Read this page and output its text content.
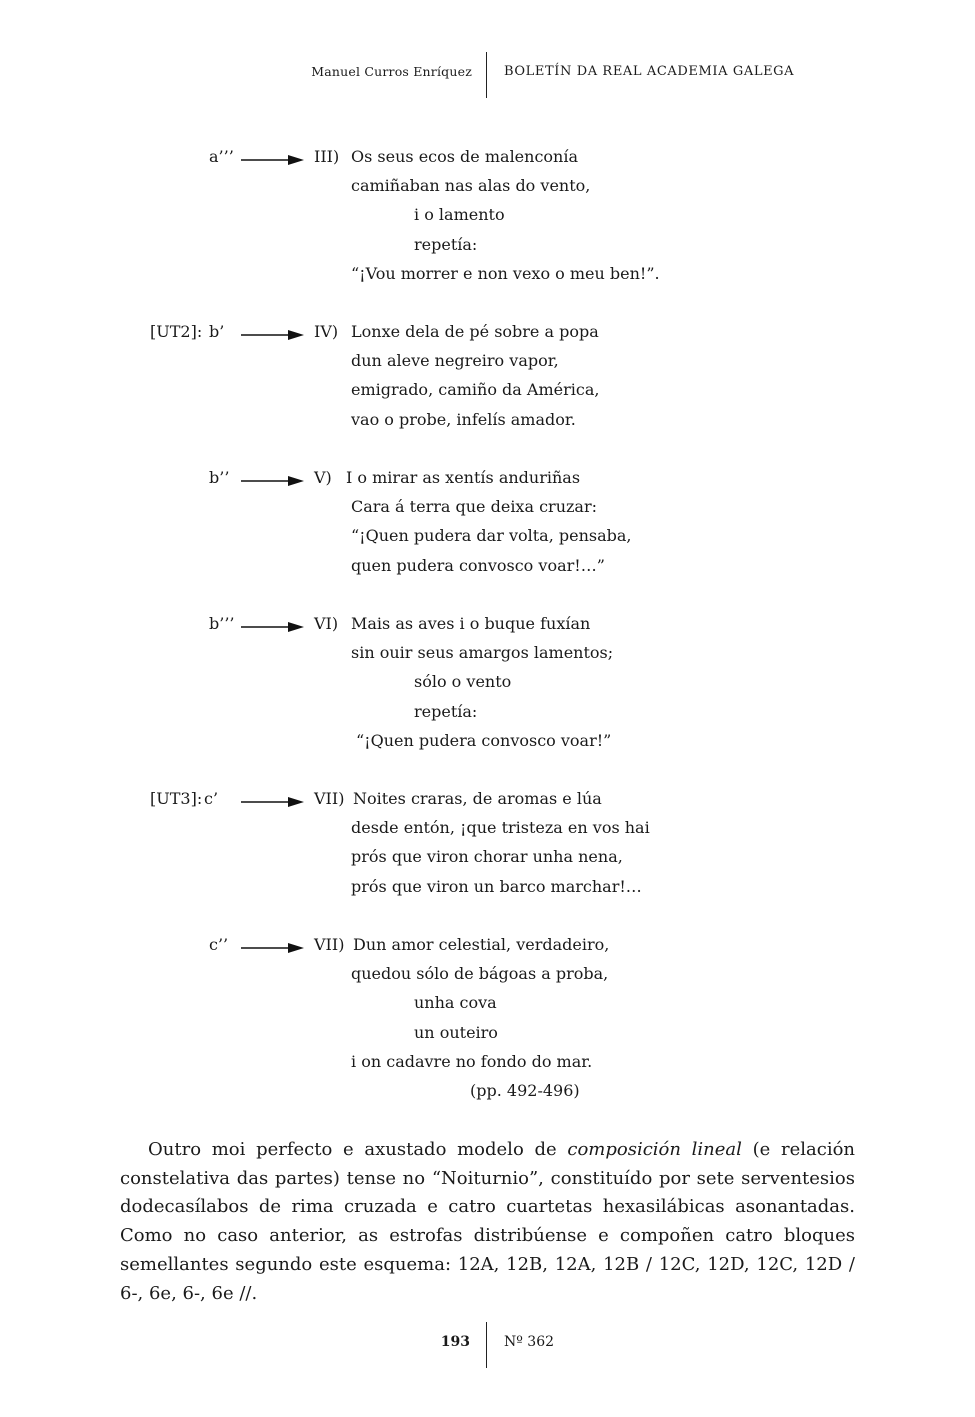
Manuel Curros Enríquez BOLETÍN DA REAL ACADEMIA GALEGA
a’’’	III) Os seus ecos de malenconía
camiñaban nas alas do vento,
i o lamento
repetía:
“¡Vou morrer e non vexo o meu ben!”.
[UT2]: b’	IV) Lonxe dela de pé sobre a popa
dun aleve negreiro vapor,
emigrado, camiño da América,
vao o probe, infelís amador.
b’’	V) I o mirar as xentís anduriñas
Cara á terra que deixa cruzar:
“¡Quen pudera dar volta, pensaba,
quen pudera convosco voar!…”
b’’’	VI) Mais as aves i o buque fuxían
sin ouir seus amargos lamentos;
sólo o vento
repetía:
“¡Quen pudera convosco voar!”
[UT3]: c’	VII) Noites craras, de aromas e lúa
desde entón, ¡que tristeza en vos hai
prós que viron chorar unha nena,
prós que viron un barco marchar!…
c’’	VII) Dun amor celestial, verdadeiro,
quedou sólo de bágoas a proba,
unha cova
un outeiro
i on cadavre no fondo do mar.
(pp. 492-496)

Outro moi perfecto e axustado modelo de composición lineal (e relación constelativa das partes) tense no “Noiturnio”, constituído por sete serventesios dodecasílabos de rima cruzada e catro cuartetas hexasilábicas asonantadas. Como no caso anterior, as estrofas distribúense e compoñen catro bloques semellantes segundo este esquema: 12A, 12B, 12A, 12B / 12C, 12D, 12C, 12D / 6-, 6e, 6-, 6e //.

193 Nº 362
